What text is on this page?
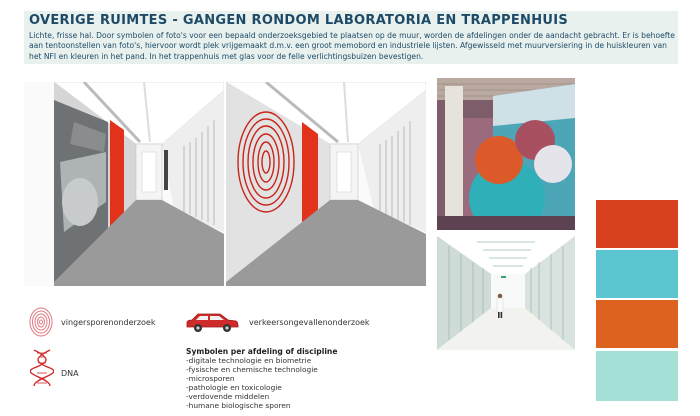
OVERIGE RUIMTES - GANGEN RONDOM LABORATORIA EN TRAPPENHUIS
Lichte, frisse hal. Door symbolen of foto's voor een bepaald onderzoeksgebied te plaatsen op de muur, worden de afdelingen onder de aandacht gebracht. Er is behoefte aan tentoonstellen van foto's, hiervoor wordt plek vrijgemaakt d.m.v. een groot memobord en industriele lijsten. Afgewisseld met muurversiering in de huiskleuren van het NFI en kleuren in het pand. In het trappenhuis met glas voor de felle verlichtingsbuizen bevestigen.
vingersporenonderzoek	verkeersongevallenonderzoek
DNA
Symbolen per afdeling of discipline
-digitale technologie en biometrie
-fysische en chemische technologie
-microsporen
-pathologie en toxicologie
-verdovende middelen
-humane biologische sporen
